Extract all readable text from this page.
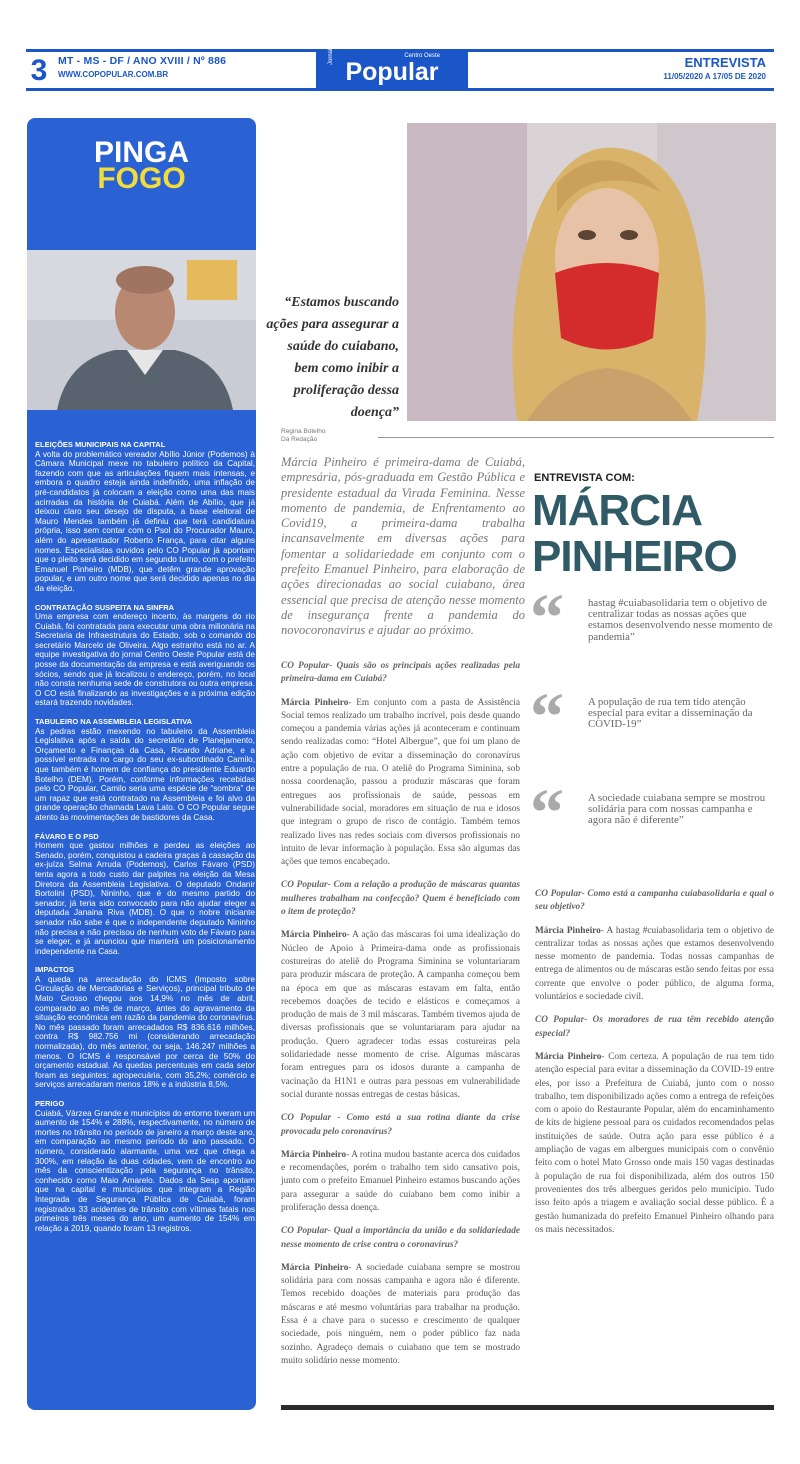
3	MT - MS - DF / ANO XVIII / Nº 886
WWW.COPOPULAR.COM.BR
Jornal	Centro Oeste
Popular	ENTREVISTA
11/05/2020 A 17/05 DE 2020
PINGA
FOGO
ELEIÇÕES MUNICIPAIS NA CAPITAL
A volta do problemático vereador Abílio Júnior (Podemos) à Câmara Municipal mexe no tabuleiro político da Capital, fazendo com que as articulações fiquem mais intensas, e embora o quadro esteja ainda indefinido, uma inflação de pré-candidatos já colocam a eleição como uma das mais acirradas da história de Cuiabá. Além de Abílio, que já deixou claro seu desejo de disputa, a base eleitoral de Mauro Mendes também já definiu que terá candidatura própria, isso sem contar com o Psol do Procurador Mauro, além do apresentador Roberto França, para citar alguns nomes. Especialistas ouvidos pelo CO Popular já apontam que o pleito será decidido em segundo turno, com o prefeito Emanuel Pinheiro (MDB), que detêm grande aprovação popular, e um outro nome que será decidido apenas no dia da eleição.
CONTRATAÇÃO SUSPEITA NA SINFRA
Uma empresa com endereço incerto, às margens do rio Cuiabá, foi contratada para executar uma obra milionária na Secretaria de Infraestrutura do Estado, sob o comando do secretário Marcelo de Oliveira. Algo estranho está no ar. A equipe investigativa do jornal Centro Oeste Popular está de posse da documentação da empresa e está averiguando os sócios, sendo que já localizou o endereço, porém, no local não consta nenhuma sede de construtora ou outra empresa. O CO está finalizando as investigações e a próxima edição estará trazendo novidades.
TABULEIRO NA ASSEMBLEIA LEGISLATIVA
As pedras estão mexendo no tabuleiro da Assembleia Legislativa após a saída do secretário de Planejamento, Orçamento e Finanças da Casa, Ricardo Adriane, e a possível entrada no cargo do seu ex-subordinado Camilo, que também é homem de confiança do presidente Eduardo Botelho (DEM). Porém, conforme informações recebidas pelo CO Popular, Camilo seria uma espécie de “sombra” de um rapaz que está contratado na Assembleia e foi alvo da grande operação chamada Lava Lato. O CO Popular segue atento às movimentações de bastidores da Casa.
FÁVARO E O PSD
Homem que gastou milhões e perdeu as eleições ao Senado, porém, conquistou a cadeira graças à cassação da ex-juíza Selma Arruda (Podemos), Carlos Fávaro (PSD) tenta agora a todo custo dar palpites na eleição da Mesa Diretora da Assembleia Legislativa. O deputado Ondanir Bortolini (PSD), Nininho, que é do mesmo partido do senador, já teria sido convocado para não ajudar eleger a deputada Janaina Riva (MDB). O que o nobre iniciante senador não sabe é que o independente deputado Nininho não precisa e não precisou de nenhum voto de Fávaro para se eleger, e já anunciou que manterá um posicionamento independente na Casa.
IMPACTOS
A queda na arrecadação do ICMS (Imposto sobre Circulação de Mercadorias e Serviços), principal tributo de Mato Grosso chegou aos 14,9% no mês de abril, comparado ao mês de março, antes do agravamento da situação econômica em razão da pandemia do coronavírus. No mês passado foram arrecadados R$ 836.616 milhões, contra R$ 982.756 mi (considerando arrecadação normalizada), do mês anterior, ou seja, 146.247 milhões a menos. O ICMS é responsável por cerca de 50% do orçamento estadual. As quedas percentuais em cada setor foram as seguintes: agropecuária, com 35,2%; comércio e serviços arrecadaram menos 18% e a indústria 8,5%.
PERIGO
Cuiabá, Várzea Grande e municípios do entorno tiveram um aumento de 154% e 288%, respectivamente, no número de mortes no trânsito no período de janeiro a março deste ano, em comparação ao mesmo período do ano passado. O número, considerado alarmante, uma vez que chega a 300%, em relação às duas cidades, vem de encontro ao mês da conscientização pela segurança no trânsito, conhecido como Maio Amarelo. Dados da Sesp apontam que na capital e municípios que integram a Região Integrada de Segurança Pública de Cuiabá, foram registrados 33 acidentes de trânsito com vítimas fatais nos primeiros três meses do ano, um aumento de 154% em relação a 2019, quando foram 13 registros.
“Estamos buscando ações para assegurar a saúde do cuiabano, bem como inibir a proliferação dessa doença”
Regina Botelho
Da Redação
Márcia Pinheiro é primeira-dama de Cuiabá, empresária, pós-graduada em Gestão Pública e presidente estadual da Virada Feminina. Nesse momento de pandemia, de Enfrentamento ao Covid19, a primeira-dama trabalha incansavelmente em diversas ações para fomentar a solidariedade em conjunto com o prefeito Emanuel Pinheiro, para elaboração de ações direcionadas ao social cuiabano, área essencial que precisa de atenção nesse momento de insegurança frente a pandemia do novocoronavirus e ajudar ao próximo.
ENTREVISTA COM:
MÁRCIA
PINHEIRO
“ hastag #cuiabasolidaria tem o objetivo de centralizar todas as nossas ações que estamos desenvolvendo nesse momento de pandemia”
“ A população de rua tem tido atenção especial para evitar a disseminação da COVID-19”
“ A sociedade cuiabana sempre se mostrou solidária para com nossas campanha e agora não é diferente”
CO Popular- Quais são os principais ações realizadas pela primeira-dama em Cuiabá?
Márcia Pinheiro- Em conjunto com a pasta de Assistência Social temos realizado um trabalho incrível, pois desde quando começou a pandemia várias ações já aconteceram e continuam sendo realizadas como: “Hotel Albergue”, que foi um plano de ação com objetivo de evitar a disseminação do coronavírus entre a população de rua. O ateliê do Programa Siminina, sob nossa coordenação, passou a produzir máscaras que foram entregues aos profissionais de saúde, pessoas em vulnerabilidade social, moradores em situação de rua e idosos que integram o grupo de risco de contágio. Também temos realizado lives nas redes sociais com diversos profissionais no intuito de levar informação à população. Essa são algumas das ações que temos encabeçado.
CO Popular- Com a relação a produção de máscaras quantas mulheres trabalham na confecção? Quem é beneficiado com o item de proteção?
Márcia Pinheiro- A ação das máscaras foi uma idealização do Núcleo de Apoio à Primeira-dama onde as profissionais costureiras do ateliê do Programa Siminina se voluntariaram para produzir máscara de proteção. A campanha começou bem na época em que as máscaras estavam em falta, então recebemos doações de tecido e elásticos e começamos a produção de mais de 3 mil máscaras. Também tivemos ajuda de diversas profissionais que se voluntariaram para ajudar na produção. Quero agradecer todas essas costureiras pela solidariedade nesse momento de crise. Algumas máscaras foram entregues para os idosos durante a campanha de vacinação da H1N1 e outras para pessoas em vulnerabilidade social durante nossas entregas de cestas básicas.
CO Popular - Como está a sua rotina diante da crise provocada pelo coronavírus?
Márcia Pinheiro- A rotina mudou bastante acerca dos cuidados e recomendações, porém o trabalho tem sido cansativo pois, junto com o prefeito Emanuel Pinheiro estamos buscando ações para assegurar a saúde do cuiabano bem como inibir a proliferação dessa doença.
CO Popular- Qual a importância da união e da solidariedade nesse momento de crise contra o coronavírus?
Márcia Pinheiro- A sociedade cuiabana sempre se mostrou solidária para com nossas campanha e agora não é diferente. Temos recebido doações de materiais para produção das máscaras e até mesmo voluntárias para trabalhar na produção. Essa é a chave para o sucesso e crescimento de qualquer sociedade, pois ninguém, nem o poder público faz nada sozinho. Agradeço demais o cuiabano que tem se mostrado muito solidário nesse momento.
CO Popular- Como está a campanha cuiabasolidaria e qual o seu objetivo?
Márcia Pinheiro- A hastag #cuiabasolidaria tem o objetivo de centralizar todas as nossas ações que estamos desenvolvendo nesse momento de pandemia. Todas nossas campanhas de entrega de alimentos ou de máscaras estão sendo feitas por essa corrente que envolve o poder público, de alguma forma, voluntários e sociedade civil.
CO Popular- Os moradores de rua têm recebido atenção especial?
Márcia Pinheiro- Com certeza. A população de rua tem tido atenção especial para evitar a disseminação da COVID-19 entre eles, por isso a Prefeitura de Cuiabá, junto com o nosso trabalho, tem disponibilizado ações como a entrega de refeições com o apoio do Restaurante Popular, além do encaminhamento de kits de higiene pessoal para os cuidados recomendados pelas instituições de saúde. Outra ação para esse público é a ampliação de vagas em albergues municipais com o convênio feito com o hotel Mato Grosso onde mais 150 vagas destinadas à população de rua foi disponibilizada, além dos outros 150 provenientes dos três albergues geridos pelo município. Tudo isso feito após a triagem e avaliação social desse público. É a gestão humanizada do prefeito Emanuel Pinheiro olhando para os mais necessitados.
